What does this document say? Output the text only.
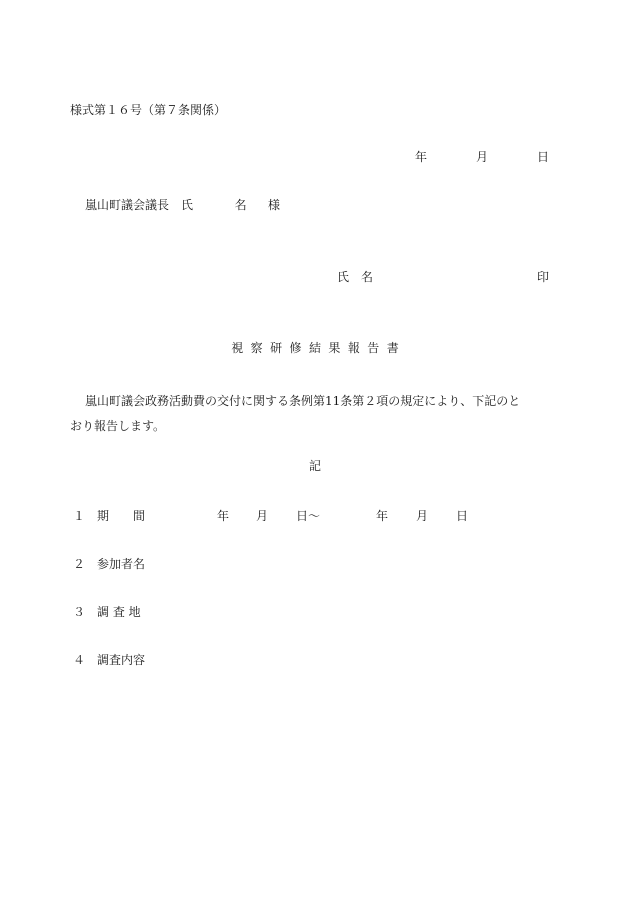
様式第１６号（第７条関係）
年	月	日
嵐山町議会議長　氏	名 様
氏　名	印
視 察 研 修 結 果 報 告 書
嵐山町議会政務活動費の交付に関する条例第11条第２項の規定により、下記のと
おり報告します。
記
１ 期　　間	年 月 日～	年 月 日
２ 参加者名
３ 調 査 地
４ 調査内容
